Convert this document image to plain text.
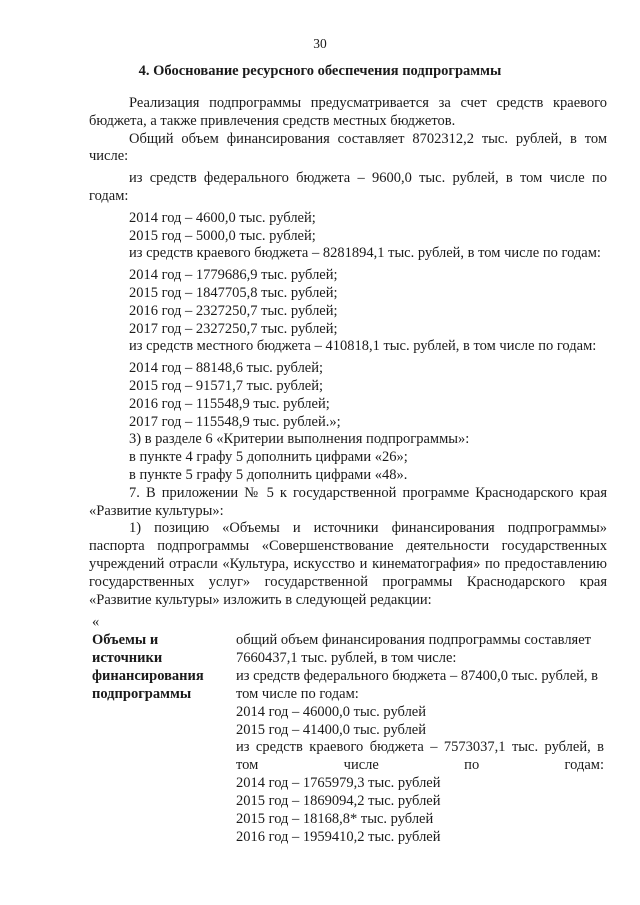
30
4. Обоснование ресурсного обеспечения подпрограммы

Реализация подпрограммы предусматривается за счет средств краевого бюджета, а также привлечения средств местных бюджетов.

Общий объем финансирования составляет 8702312,2 тыс. рублей, в том числе:

из средств федерального бюджета – 9600,0 тыс. рублей, в том числе по годам:

2014 год – 4600,0 тыс. рублей;

2015 год – 5000,0 тыс. рублей;

из средств краевого бюджета – 8281894,1 тыс. рублей, в том числе по годам:

2014 год – 1779686,9 тыс. рублей;

2015 год – 1847705,8 тыс. рублей;

2016 год – 2327250,7 тыс. рублей;

2017 год – 2327250,7 тыс. рублей;

из средств местного бюджета – 410818,1 тыс. рублей, в том числе по годам:

2014 год – 88148,6 тыс. рублей;

2015 год – 91571,7 тыс. рублей;

2016 год – 115548,9 тыс. рублей;

2017 год – 115548,9 тыс. рублей.»;

3) в разделе 6 «Критерии выполнения подпрограммы»:

в пункте 4 графу 5 дополнить цифрами «26»;

в пункте 5 графу 5 дополнить цифрами «48».

7. В приложении № 5 к государственной программе Краснодарского края «Развитие культуры»:

1) позицию «Объемы и источники финансирования подпрограммы» паспорта подпрограммы «Совершенствование деятельности государственных учреждений отрасли «Культура, искусство и кинематография» по предоставлению государственных услуг» государственной программы Краснодарского края «Развитие культуры» изложить в следующей редакции:

«
Объемы и
источники
финансирования
подпрограммы

общий объем финансирования подпрограммы составляет 7660437,1 тыс. рублей, в том числе:

из средств федерального бюджета – 87400,0 тыс. рублей, в том числе по годам:

2014 год – 46000,0 тыс. рублей

2015 год – 41400,0 тыс. рублей

из средств краевого бюджета – 7573037,1 тыс. рублей, в том числе по годам:

2014 год – 1765979,3 тыс. рублей

2015 год – 1869094,2 тыс. рублей

2015 год – 18168,8* тыс. рублей

2016 год – 1959410,2 тыс. рублей
